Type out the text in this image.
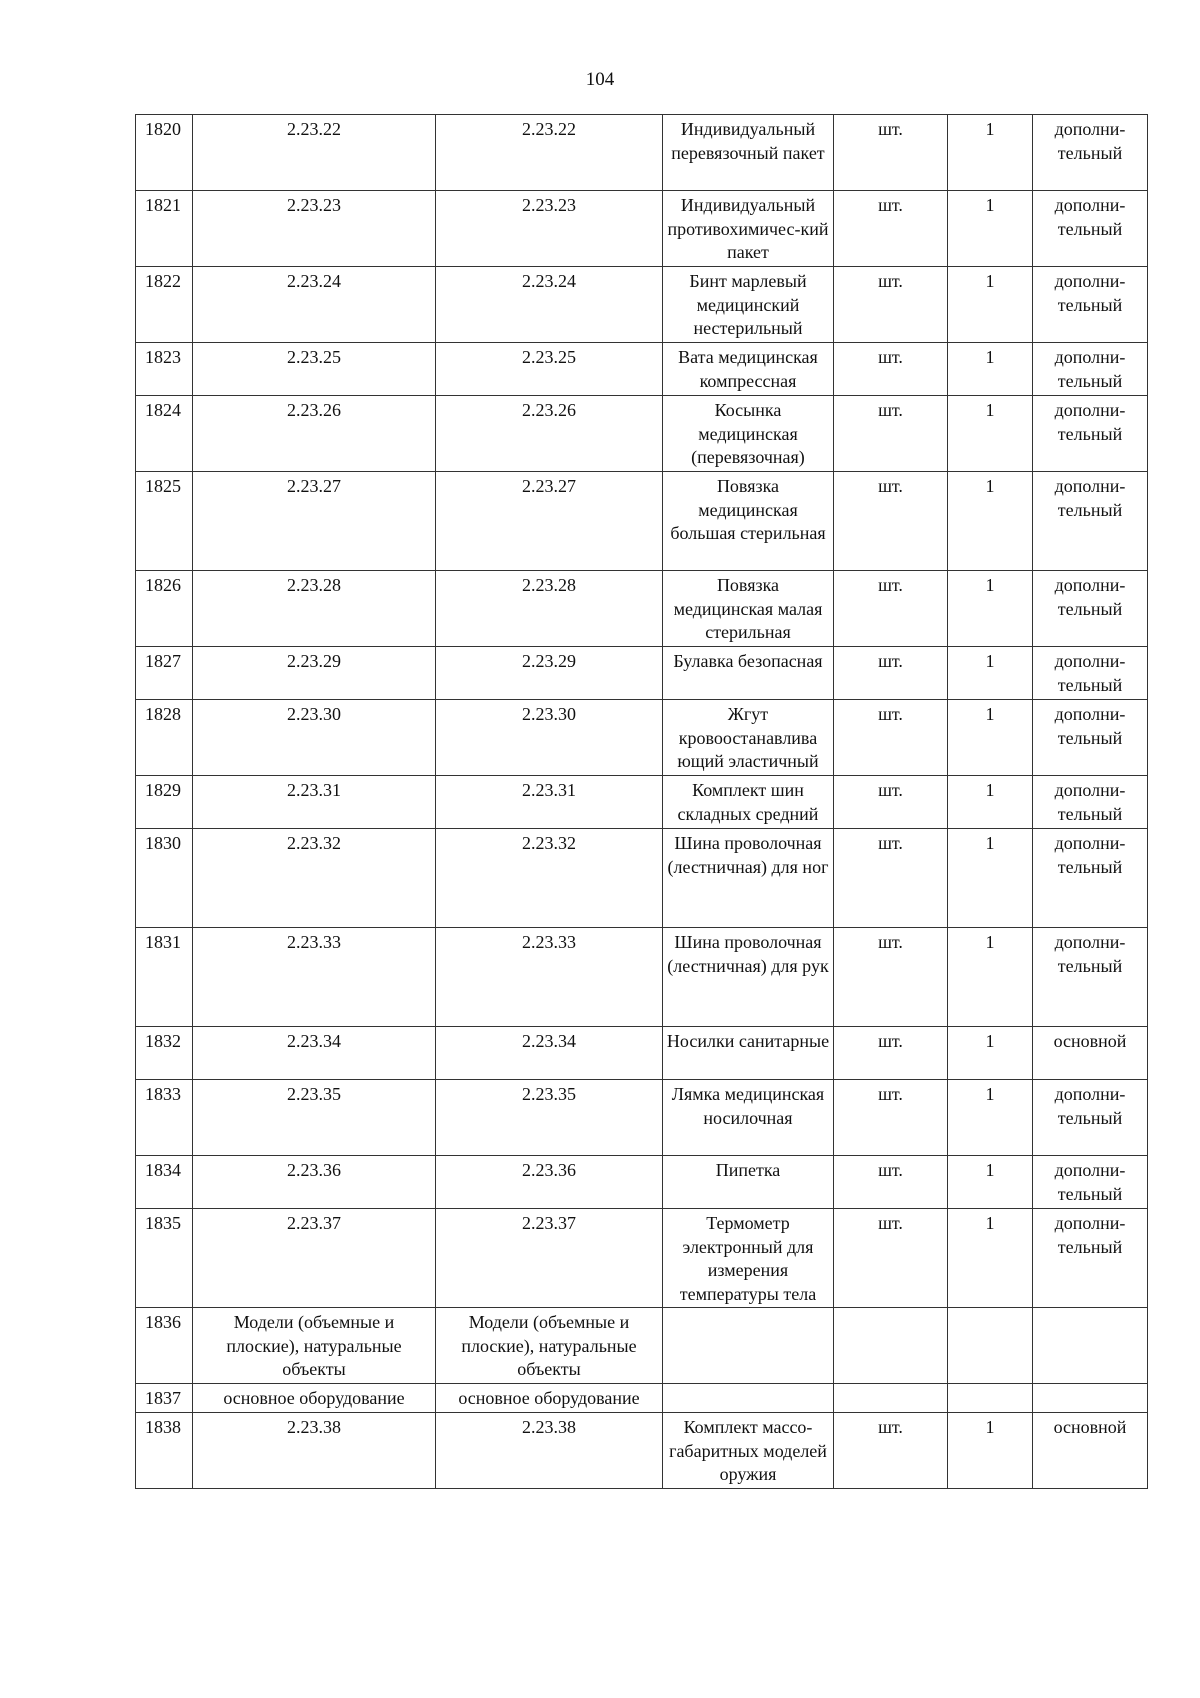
104
1820	2.23.22	2.23.22	Индивидуальный перевязочный пакет	шт.	1	дополни-тельный
1821	2.23.23	2.23.23	Индивидуальный противохимичес-кий пакет	шт.	1	дополни-тельный
1822	2.23.24	2.23.24	Бинт марлевый медицинский нестерильный	шт.	1	дополни-тельный
1823	2.23.25	2.23.25	Вата медицинская компрессная	шт.	1	дополни-тельный
1824	2.23.26	2.23.26	Косынка медицинская (перевязочная)	шт.	1	дополни-тельный
1825	2.23.27	2.23.27	Повязка медицинская большая стерильная	шт.	1	дополни-тельный
1826	2.23.28	2.23.28	Повязка медицинская малая стерильная	шт.	1	дополни-тельный
1827	2.23.29	2.23.29	Булавка безопасная	шт.	1	дополни-тельный
1828	2.23.30	2.23.30	Жгут кровоостанавлива ющий эластичный	шт.	1	дополни-тельный
1829	2.23.31	2.23.31	Комплект шин складных средний	шт.	1	дополни-тельный
1830	2.23.32	2.23.32	Шина проволочная (лестничная) для ног	шт.	1	дополни-тельный
1831	2.23.33	2.23.33	Шина проволочная (лестничная) для рук	шт.	1	дополни-тельный
1832	2.23.34	2.23.34	Носилки санитарные	шт.	1	основной
1833	2.23.35	2.23.35	Лямка медицинская носилочная	шт.	1	дополни-тельный
1834	2.23.36	2.23.36	Пипетка	шт.	1	дополни-тельный
1835	2.23.37	2.23.37	Термометр электронный для измерения температуры тела	шт.	1	дополни-тельный
1836	Модели (объемные и плоские), натуральные объекты	Модели (объемные и плоские), натуральные объекты				
1837	основное оборудование	основное оборудование				
1838	2.23.38	2.23.38	Комплект массо-габаритных моделей оружия	шт.	1	основной
